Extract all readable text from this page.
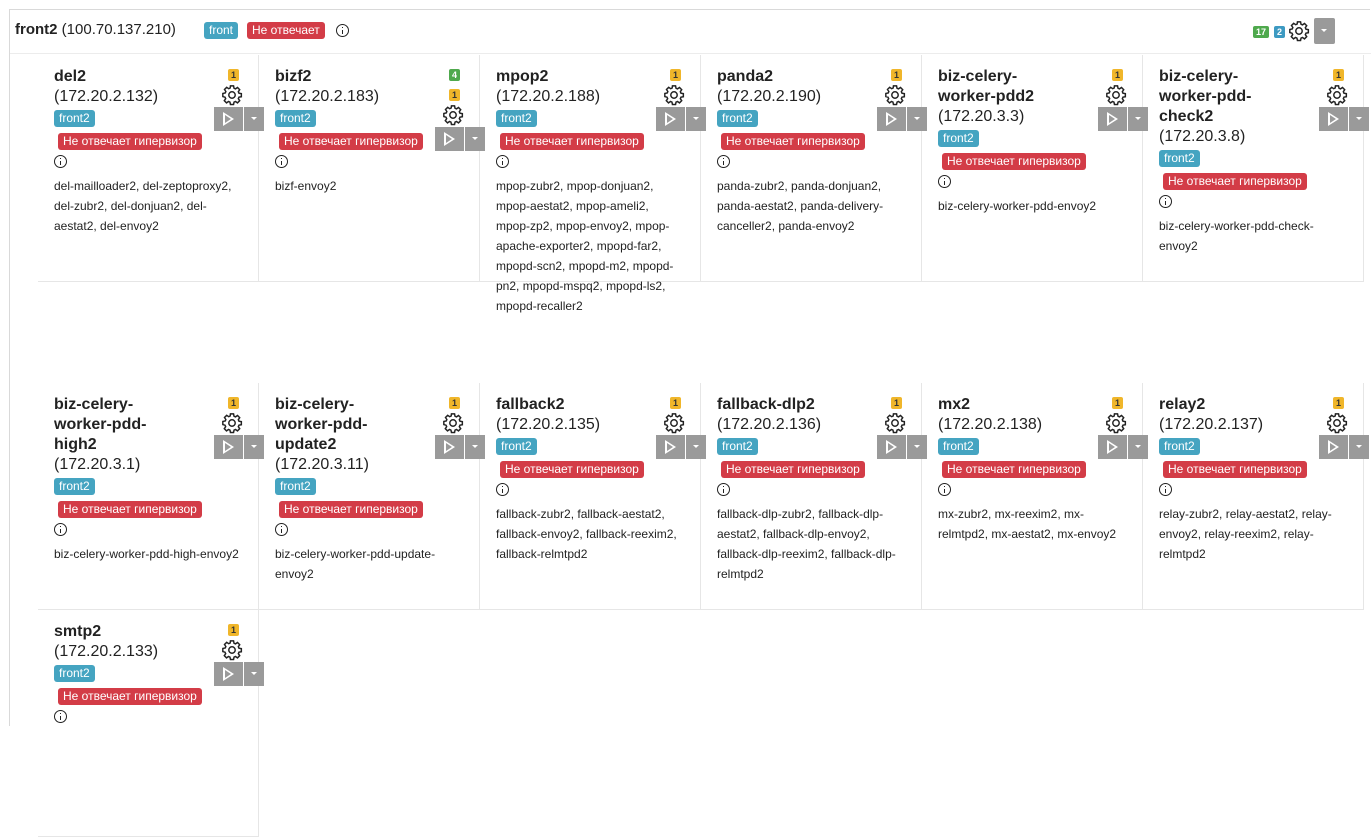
front2 (100.70.137.210)	front	Не отвечает	17	2
del2
(172.20.2.132)
1
front2
Не отвечает гипервизор
del-mailloader2, del-zeptoproxy2, del-zubr2, del-donjuan2, del-aestat2, del-envoy2
bizf2
(172.20.2.183)
4
1
front2
Не отвечает гипервизор
bizf-envoy2
mpop2
(172.20.2.188)
1
front2
Не отвечает гипервизор
mpop-zubr2, mpop-donjuan2, mpop-aestat2, mpop-ameli2, mpop-zp2, mpop-envoy2, mpop-apache-exporter2, mpopd-far2, mpopd-scn2, mpopd-m2, mpopd-pn2, mpopd-mspq2, mpopd-ls2, mpopd-recaller2
panda2
(172.20.2.190)
1
front2
Не отвечает гипервизор
panda-zubr2, panda-donjuan2, panda-aestat2, panda-delivery-canceller2, panda-envoy2
biz-celery-
worker-pdd2
(172.20.3.3)
1
front2
Не отвечает гипервизор
biz-celery-worker-pdd-envoy2
biz-celery-
worker-pdd-
check2
(172.20.3.8)
1
front2
Не отвечает гипервизор
biz-celery-worker-pdd-check-envoy2
biz-celery-
worker-pdd-
high2
(172.20.3.1)
1
front2
Не отвечает гипервизор
biz-celery-worker-pdd-high-envoy2
biz-celery-
worker-pdd-
update2
(172.20.3.11)
1
front2
Не отвечает гипервизор
biz-celery-worker-pdd-update-envoy2
fallback2
(172.20.2.135)
1
front2
Не отвечает гипервизор
fallback-zubr2, fallback-aestat2, fallback-envoy2, fallback-reexim2, fallback-relmtpd2
fallback-dlp2
(172.20.2.136)
1
front2
Не отвечает гипервизор
fallback-dlp-zubr2, fallback-dlp-aestat2, fallback-dlp-envoy2, fallback-dlp-reexim2, fallback-dlp-relmtpd2
mx2
(172.20.2.138)
1
front2
Не отвечает гипервизор
mx-zubr2, mx-reexim2, mx-relmtpd2, mx-aestat2, mx-envoy2
relay2
(172.20.2.137)
1
front2
Не отвечает гипервизор
relay-zubr2, relay-aestat2, relay-envoy2, relay-reexim2, relay-relmtpd2
smtp2
(172.20.2.133)
1
front2
Не отвечает гипервизор
